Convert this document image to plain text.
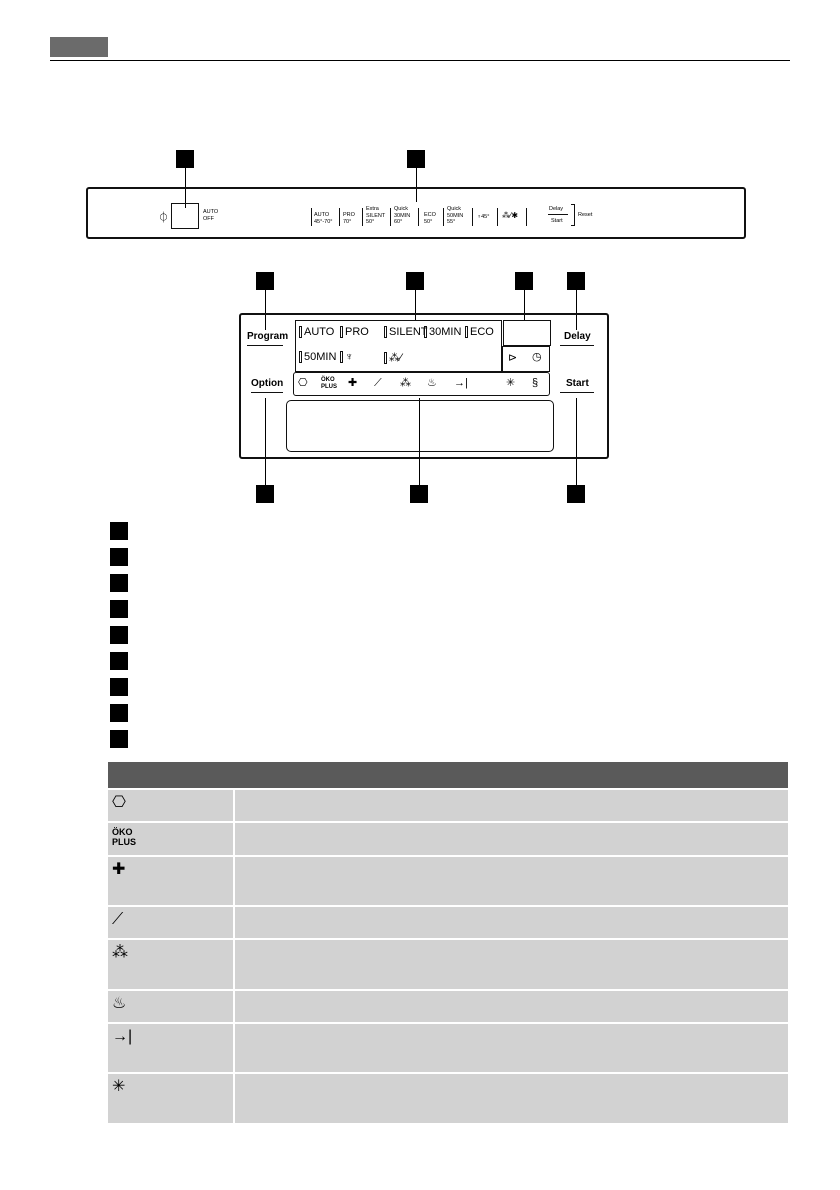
⏀	AUTO
OFF
AUTO
45°-70°
PRO
70°
Extra
SILENT
50°
Quick
30MIN
60°
ECO
50°
Quick
50MIN
55°
♆45° ⁂⁄✱
Delay
Start
Reset
Program
Option
Delay
Start
AUTO PRO SILENT 30MIN ECO
50MIN ♆	⁂⁄	⊳ ◷
⎔ ÖKO
PLUS ✚ ⟋ ⁂ ♨ →|	✳ §
⎔
ÖKO
PLUS
✚
⟋
⁂
♨
→|
✳
